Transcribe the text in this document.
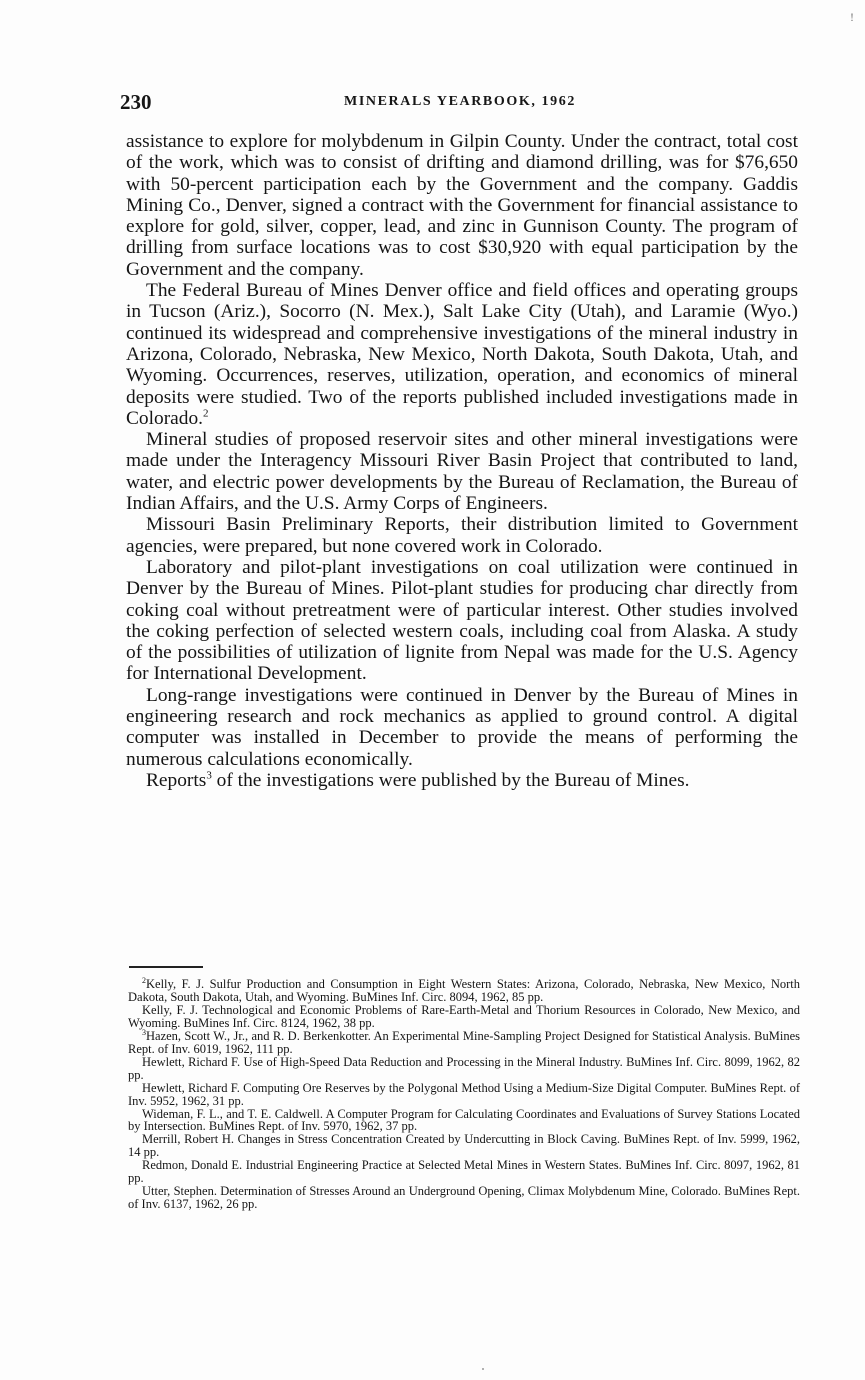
!
230	MINERALS YEARBOOK, 1962

assistance to explore for molybdenum in Gilpin County. Under the contract, total cost of the work, which was to consist of drifting and diamond drilling, was for $76,650 with 50-percent participation each by the Government and the company. Gaddis Mining Co., Denver, signed a contract with the Government for financial assistance to explore for gold, silver, copper, lead, and zinc in Gunnison County. The program of drilling from surface locations was to cost $30,920 with equal participation by the Government and the company.

The Federal Bureau of Mines Denver office and field offices and operating groups in Tucson (Ariz.), Socorro (N. Mex.), Salt Lake City (Utah), and Laramie (Wyo.) continued its widespread and comprehensive investigations of the mineral industry in Arizona, Colorado, Nebraska, New Mexico, North Dakota, South Dakota, Utah, and Wyoming. Occurrences, reserves, utilization, operation, and economics of mineral deposits were studied. Two of the reports published included investigations made in Colorado.$^2$

Mineral studies of proposed reservoir sites and other mineral investigations were made under the Interagency Missouri River Basin Project that contributed to land, water, and electric power developments by the Bureau of Reclamation, the Bureau of Indian Affairs, and the U.S. Army Corps of Engineers.

Missouri Basin Preliminary Reports, their distribution limited to Government agencies, were prepared, but none covered work in Colorado.

Laboratory and pilot-plant investigations on coal utilization were continued in Denver by the Bureau of Mines. Pilot-plant studies for producing char directly from coking coal without pretreatment were of particular interest. Other studies involved the coking perfection of selected western coals, including coal from Alaska. A study of the possibilities of utilization of lignite from Nepal was made for the U.S. Agency for International Development.

Long-range investigations were continued in Denver by the Bureau of Mines in engineering research and rock mechanics as applied to ground control. A digital computer was installed in December to provide the means of performing the numerous calculations economically.

Reports$^3$ of the investigations were published by the Bureau of Mines.

$^2$Kelly, F. J. Sulfur Production and Consumption in Eight Western States: Arizona, Colorado, Nebraska, New Mexico, North Dakota, South Dakota, Utah, and Wyoming. BuMines Inf. Circ. 8094, 1962, 85 pp.

Kelly, F. J. Technological and Economic Problems of Rare-Earth-Metal and Thorium Resources in Colorado, New Mexico, and Wyoming. BuMines Inf. Circ. 8124, 1962, 38 pp.

$^3$Hazen, Scott W., Jr., and R. D. Berkenkotter. An Experimental Mine-Sampling Project Designed for Statistical Analysis. BuMines Rept. of Inv. 6019, 1962, 111 pp.

Hewlett, Richard F. Use of High-Speed Data Reduction and Processing in the Mineral Industry. BuMines Inf. Circ. 8099, 1962, 82 pp.

Hewlett, Richard F. Computing Ore Reserves by the Polygonal Method Using a Medium-Size Digital Computer. BuMines Rept. of Inv. 5952, 1962, 31 pp.

Wideman, F. L., and T. E. Caldwell. A Computer Program for Calculating Coordinates and Evaluations of Survey Stations Located by Intersection. BuMines Rept. of Inv. 5970, 1962, 37 pp.

Merrill, Robert H. Changes in Stress Concentration Created by Undercutting in Block Caving. BuMines Rept. of Inv. 5999, 1962, 14 pp.

Redmon, Donald E. Industrial Engineering Practice at Selected Metal Mines in Western States. BuMines Inf. Circ. 8097, 1962, 81 pp.

Utter, Stephen. Determination of Stresses Around an Underground Opening, Climax Molybdenum Mine, Colorado. BuMines Rept. of Inv. 6137, 1962, 26 pp.
